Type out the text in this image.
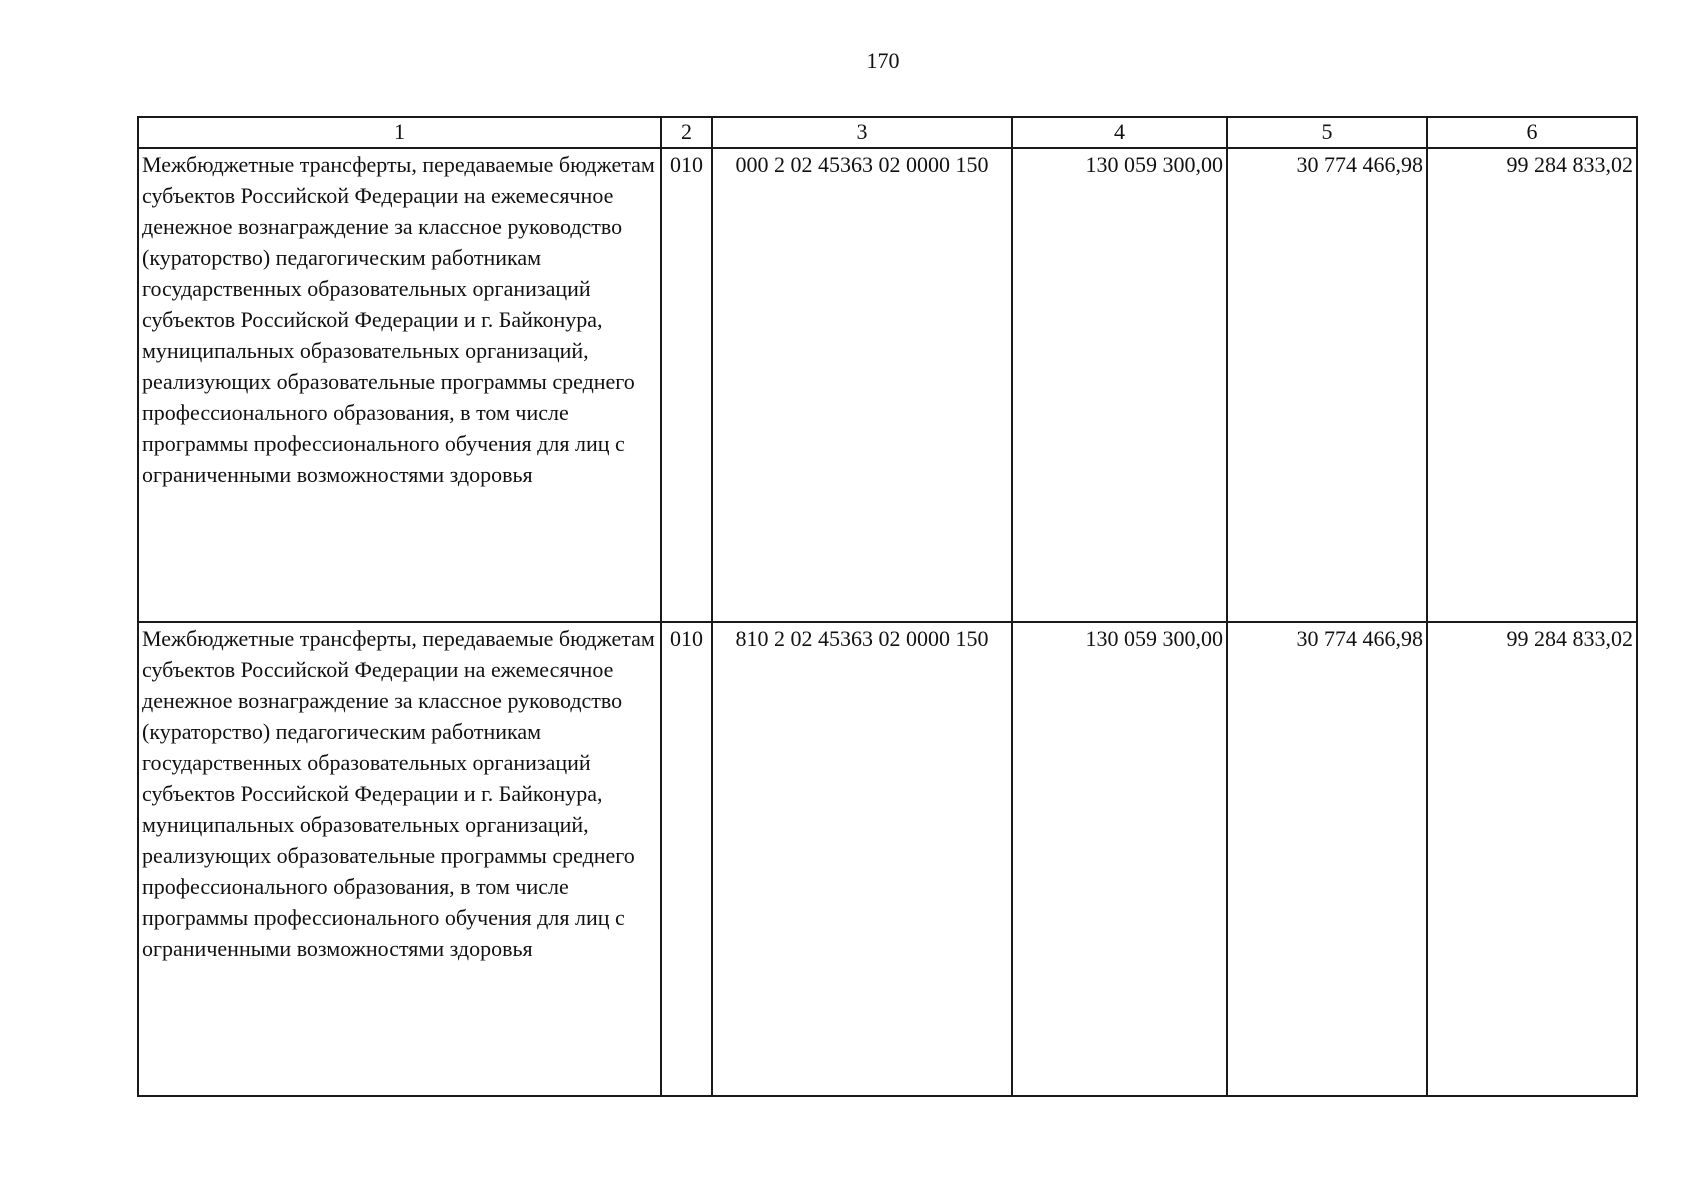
170
1	2	3	4	5	6
Межбюджетные трансферты, передаваемые бюджетам субъектов Российской Федерации на ежемесячное денежное вознаграждение за классное руководство (кураторство) педагогическим работникам государственных образовательных организаций субъектов Российской Федерации и г. Байконура, муниципальных образовательных организаций, реализующих образовательные программы среднего профессионального образования, в том числе программы профессионального обучения для лиц с ограниченными возможностями здоровья	010	000 2 02 45363 02 0000 150	130 059 300,00	30 774 466,98	99 284 833,02
Межбюджетные трансферты, передаваемые бюджетам субъектов Российской Федерации на ежемесячное денежное вознаграждение за классное руководство (кураторство) педагогическим работникам государственных образовательных организаций субъектов Российской Федерации и г. Байконура, муниципальных образовательных организаций, реализующих образовательные программы среднего профессионального образования, в том числе программы профессионального обучения для лиц с ограниченными возможностями здоровья	010	810 2 02 45363 02 0000 150	130 059 300,00	30 774 466,98	99 284 833,02
